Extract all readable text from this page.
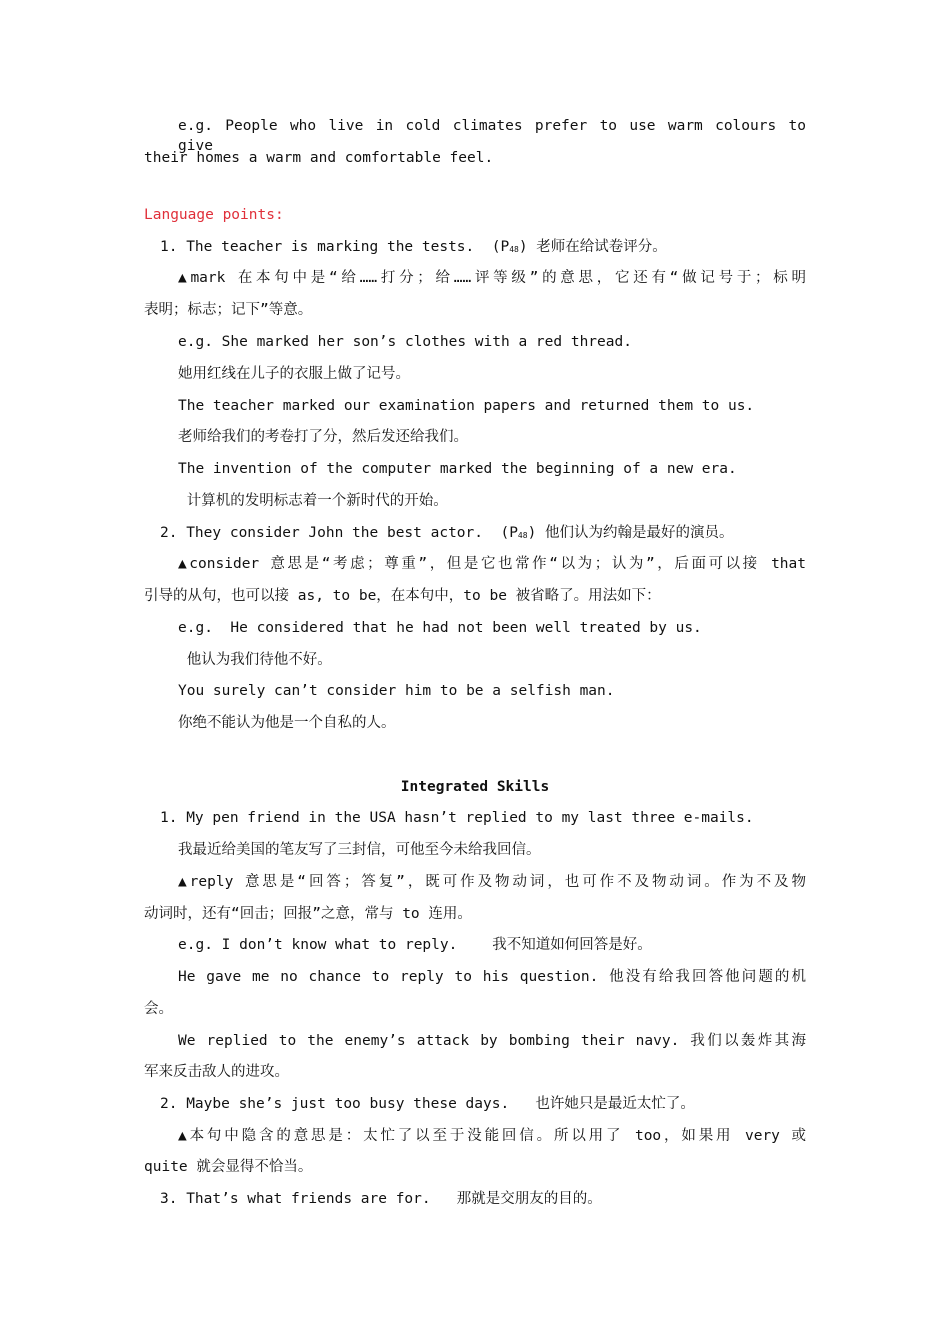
e.g. People who live in cold climates prefer to use warm colours to give

their homes a warm and comfortable feel.

Language points:

1. The teacher is marking the tests.  $(P_{48})$ 老师在给试卷评分。

▲mark 在本句中是“给……打分；给……评等级”的意思，它还有“做记号于；标明

表明；标志；记下”等意。

e.g. She marked her son’s clothes with a red thread.

她用红线在儿子的衣服上做了记号。

The teacher marked our examination papers and returned them to us.

老师给我们的考卷打了分，然后发还给我们。

The invention of the computer marked the beginning of a new era.

计算机的发明标志着一个新时代的开始。

2. They consider John the best actor.  $(P_{48})$ 他们认为约翰是最好的演员。

▲consider 意思是“考虑；尊重”，但是它也常作“以为；认为”，后面可以接 that

引导的从句，也可以接 as, to be，在本句中，to be 被省略了。用法如下：

e.g.  He considered that he had not been well treated by us.

他认为我们待他不好。

You surely can’t consider him to be a selfish man.

你绝不能认为他是一个自私的人。

Integrated Skills

1. My pen friend in the USA hasn’t replied to my last three e-mails.

我最近给美国的笔友写了三封信，可他至今未给我回信。

▲reply 意思是“回答；答复”，既可作及物动词，也可作不及物动词。作为不及物

动词时，还有“回击；回报”之意，常与 to 连用。

e.g. I don’t know what to reply.    我不知道如何回答是好。

He gave me no chance to reply to his question. 他没有给我回答他问题的机

会。

We replied to the enemy’s attack by bombing their navy. 我们以轰炸其海

军来反击敌人的进攻。

2. Maybe she’s just too busy these days.   也许她只是最近太忙了。

▲本句中隐含的意思是：太忙了以至于没能回信。所以用了 too，如果用 very 或

quite 就会显得不恰当。

3. That’s what friends are for.   那就是交朋友的目的。
